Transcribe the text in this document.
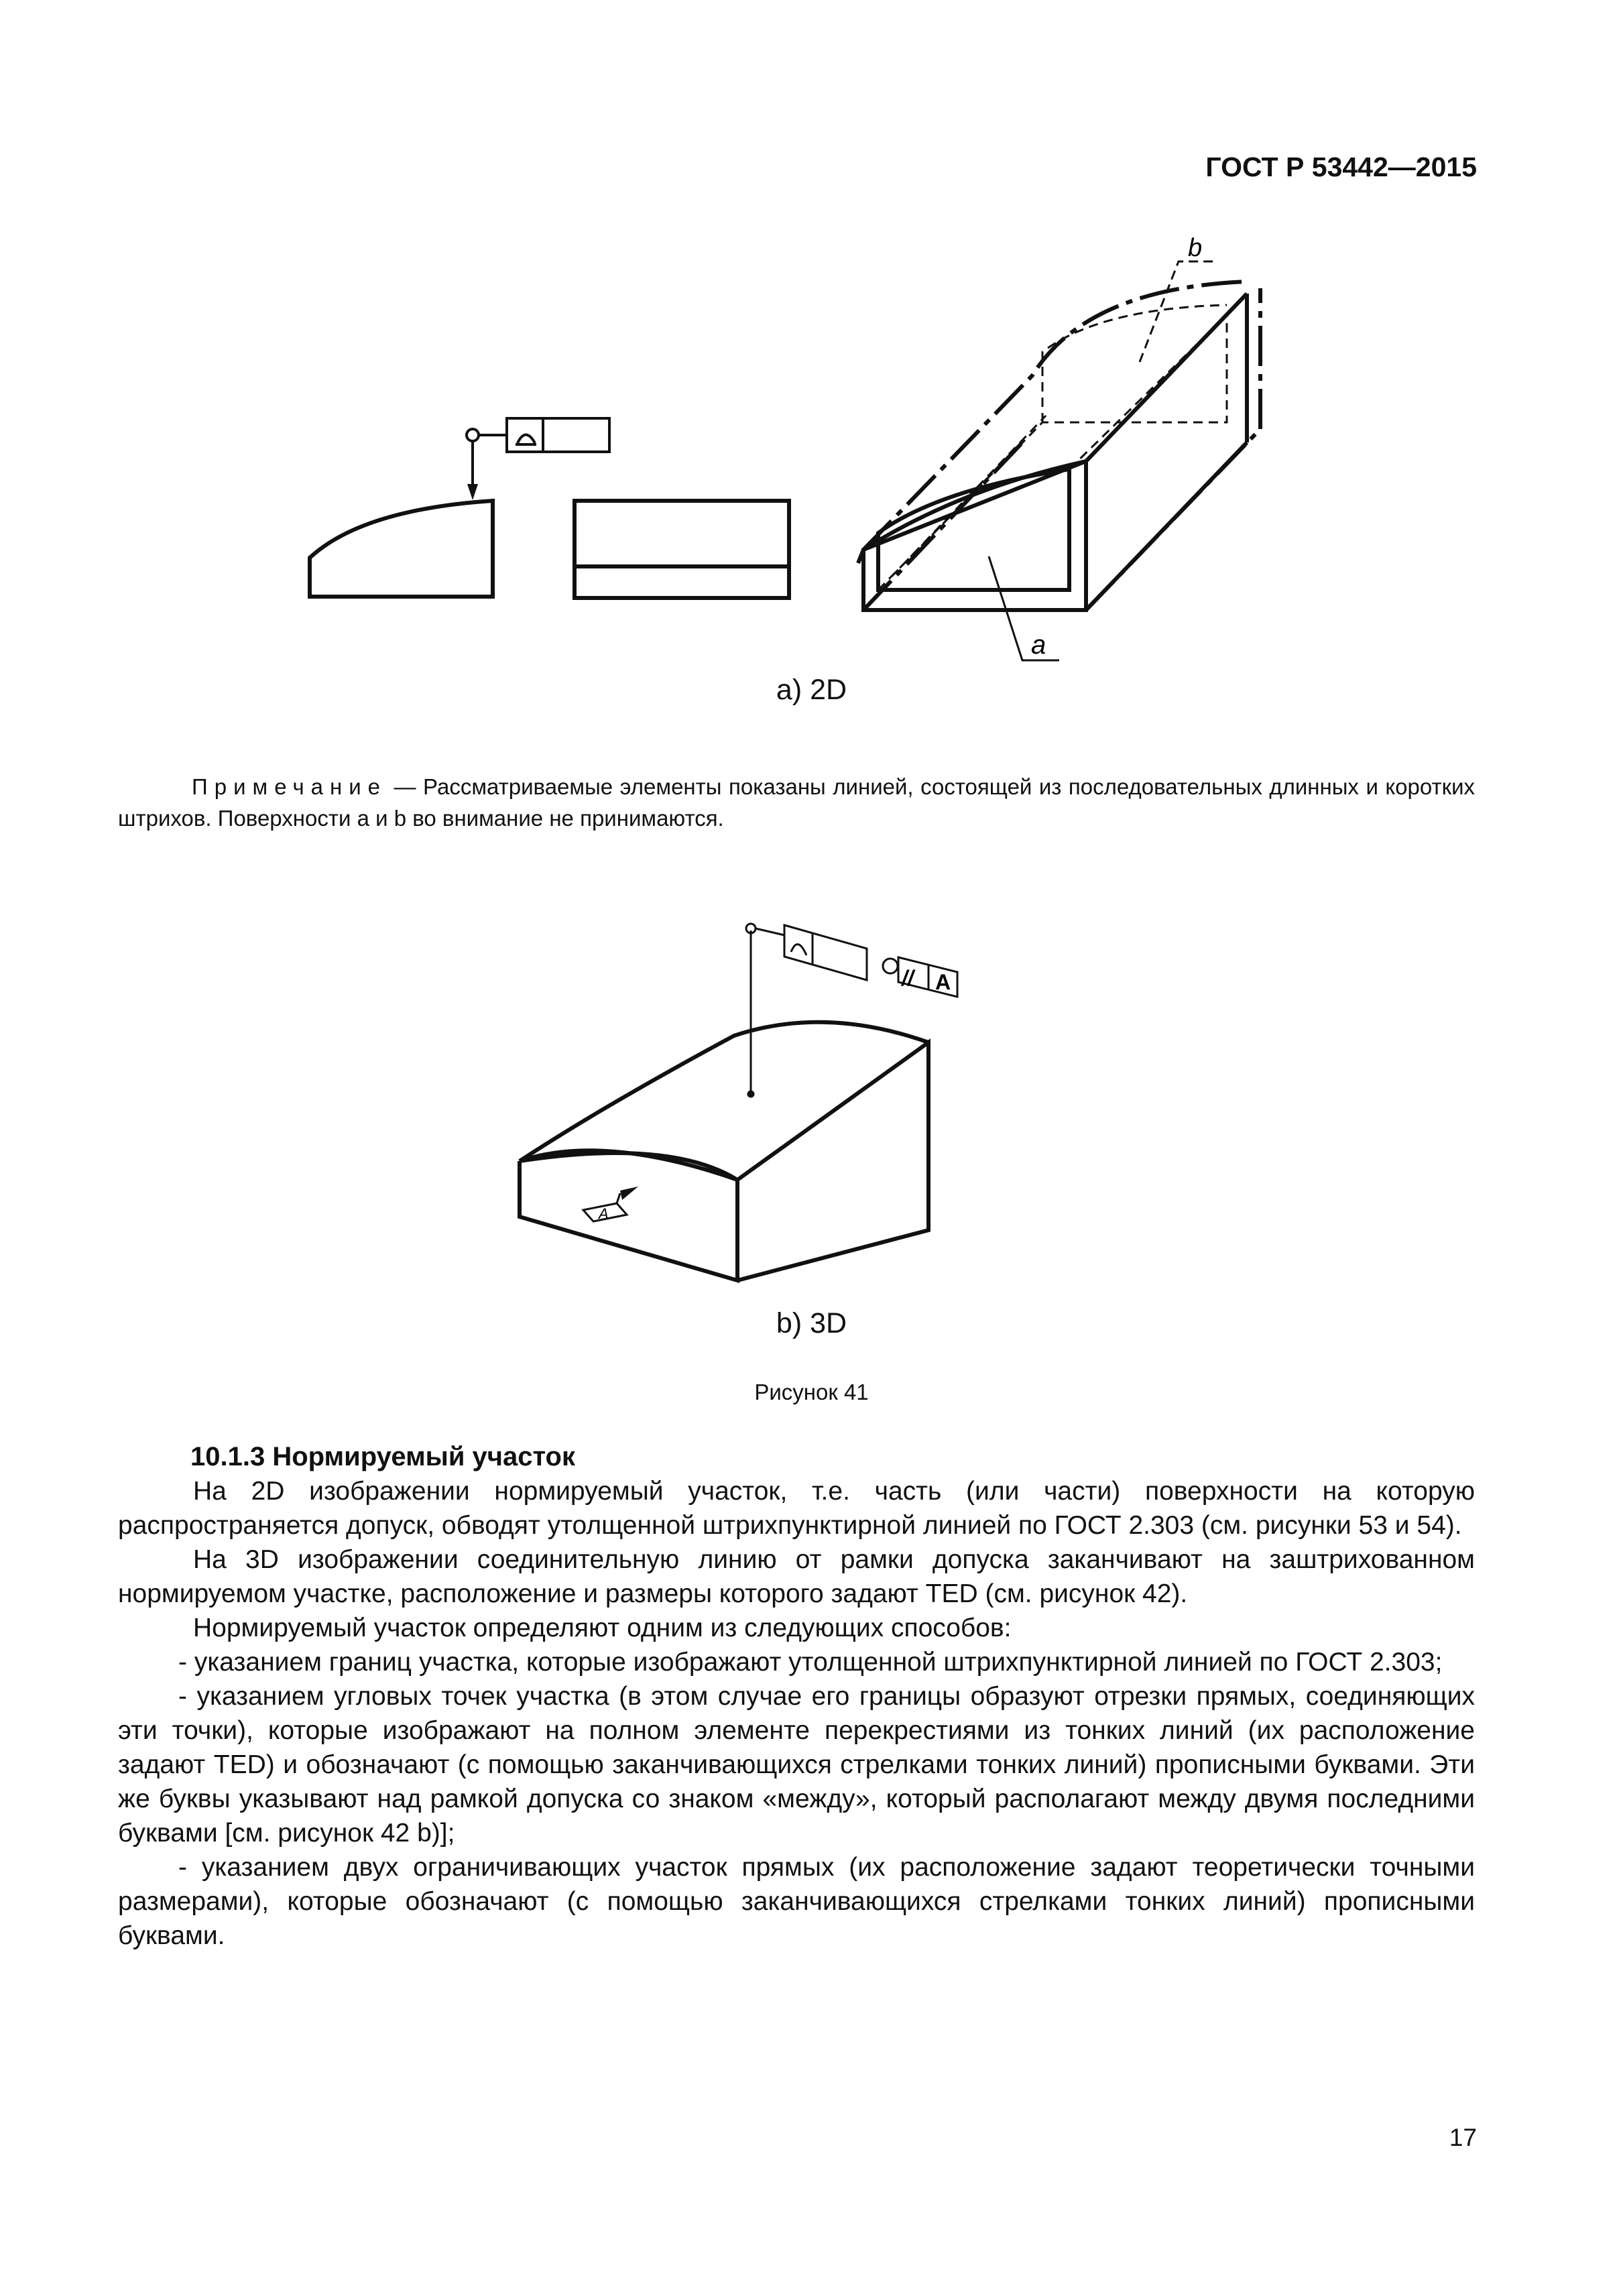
ГОСТ Р 53442—2015
a
b
а) 2D
Примечание — Рассматриваемые элементы показаны линией, состоящей из последовательных длинных и коротких штрихов. Поверхности а и b во внимание не принимаются.
// A
A
b) 3D
Рисунок 41
10.1.3 Нормируемый участок

На 2D изображении нормируемый участок, т.е. часть (или части) поверхности на которую распространяется допуск, обводят утолщенной штрихпунктирной линией по ГОСТ 2.303 (см. рисунки 53 и 54).

На 3D изображении соединительную линию от рамки допуска заканчивают на заштрихованном нормируемом участке, расположение и размеры которого задают TED (см. рисунок 42).

Нормируемый участок определяют одним из следующих способов:

- указанием границ участка, которые изображают утолщенной штрихпунктирной линией по ГОСТ 2.303;

- указанием угловых точек участка (в этом случае его границы образуют отрезки прямых, соединяющих эти точки), которые изображают на полном элементе перекрестиями из тонких линий (их расположение задают TED) и обозначают (с помощью заканчивающихся стрелками тонких линий) прописными буквами. Эти же буквы указывают над рамкой допуска со знаком «между», который располагают между двумя последними буквами [см. рисунок 42 b)];

- указанием двух ограничивающих участок прямых (их расположение задают теоретически точными размерами), которые обозначают (с помощью заканчивающихся стрелками тонких линий) прописными буквами.

17
